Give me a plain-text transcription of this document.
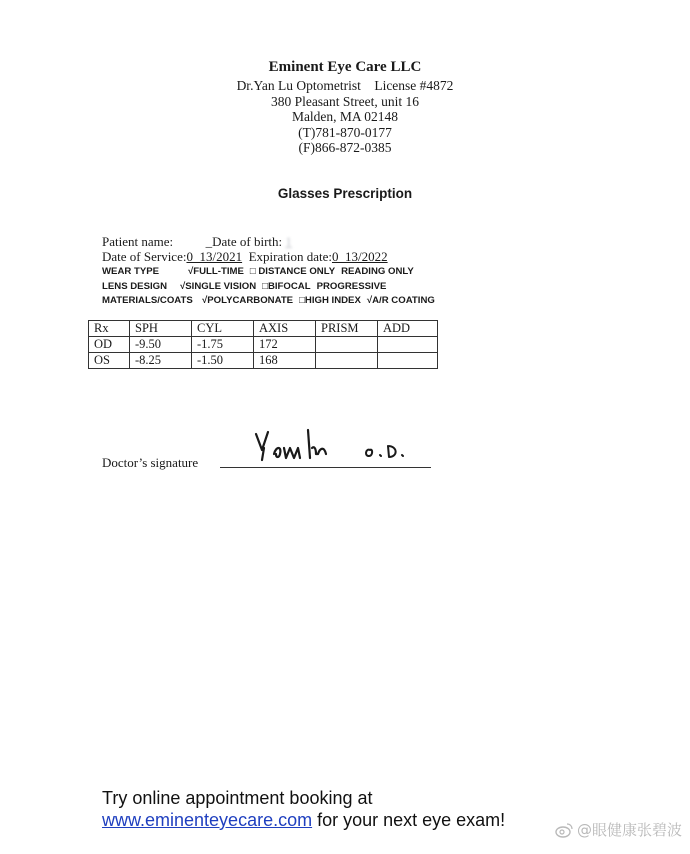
Eminent Eye Care LLC
Dr.Yan Lu Optometrist    License #4872
380 Pleasant Street, unit 16
Malden, MA 02148
(T)781-870-0177
(F)866-872-0385
Glasses Prescription
Patient name:	_Date of birth: 1
Date of Service:0  13/2021  Expiration date:0  13/2022
WEAR TYPE	√FULL-TIME □ DISTANCE ONLY READING ONLY
LENS DESIGN √SINGLE VISION □BIFOCAL PROGRESSIVE
MATERIALS/COATS √POLYCARBONATE □HIGH INDEX √A/R COATING
Rx	SPH	CYL	AXIS	PRISM	ADD
OD	-9.50	-1.75	172		
OS	-8.25	-1.50	168		
Doctor’s signature
Try online appointment booking at
www.eminenteyecare.com for your next eye exam!	@眼健康张碧波
